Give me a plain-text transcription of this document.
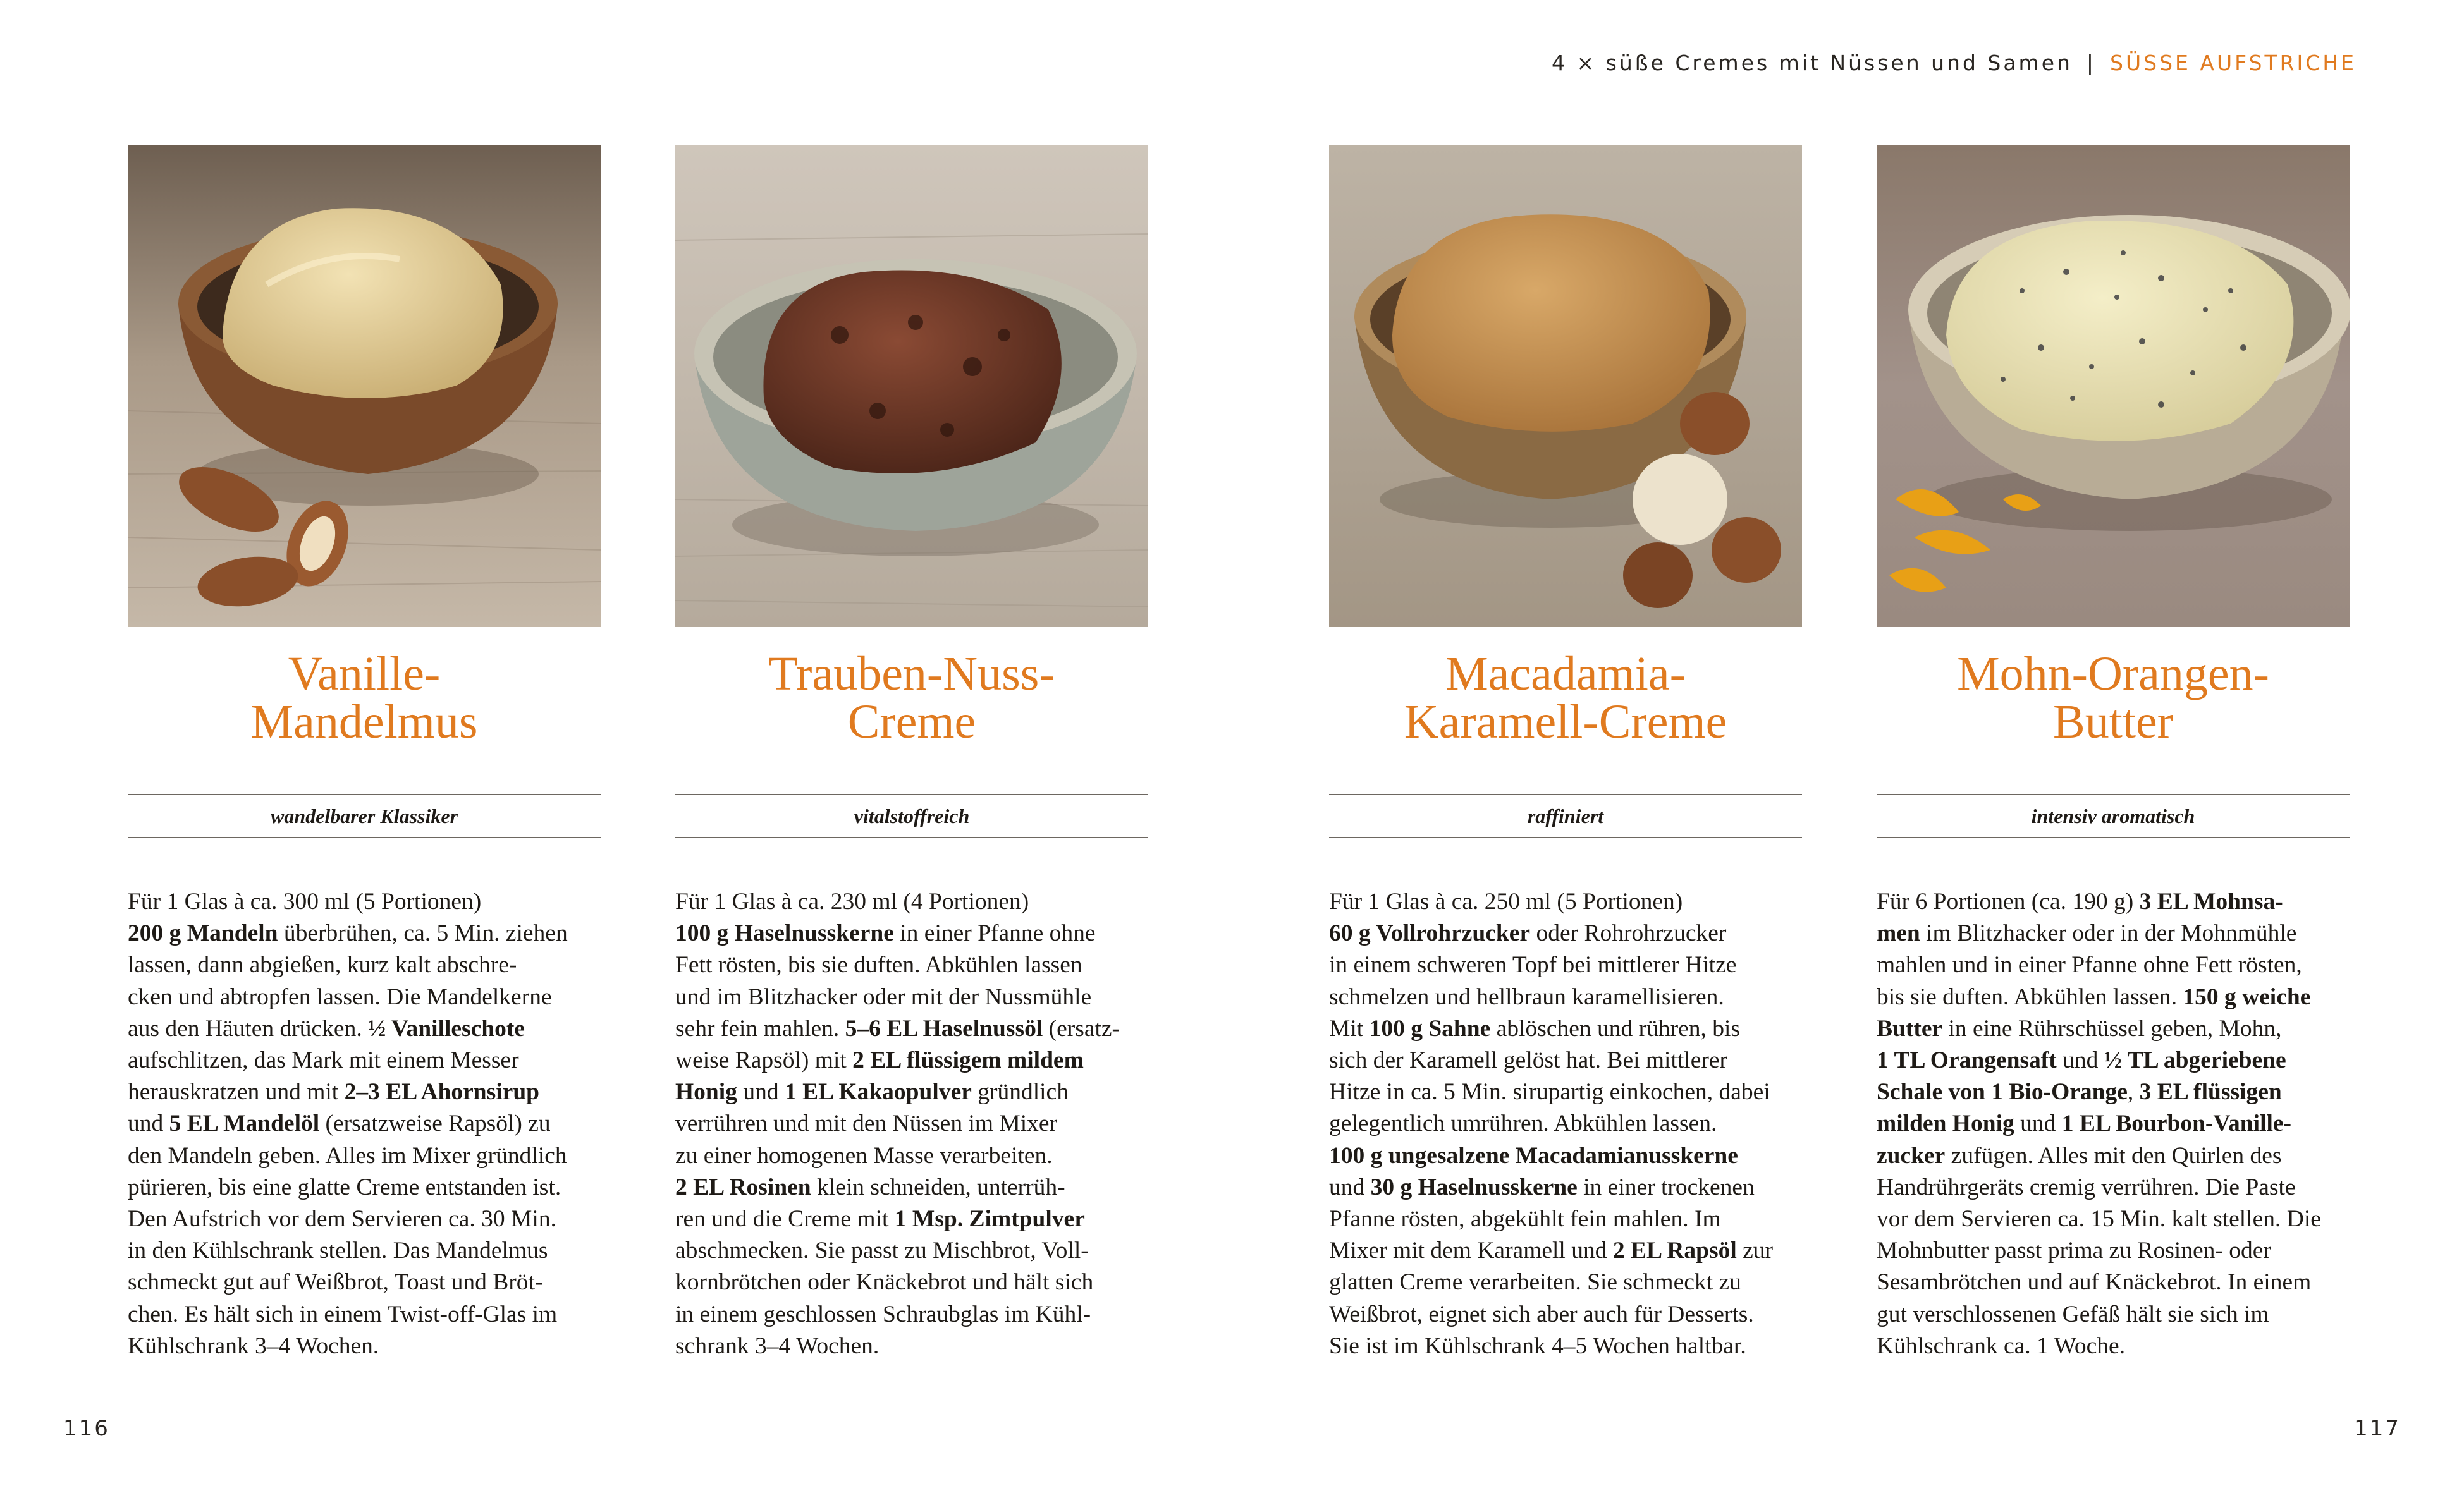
4 × süße Cremes mit Nüssen und Samen | SÜSSE AUFSTRICHE
Vanille-
Mandelmus
wandelbarer Klassiker
Für 1 Glas à ca. 300 ml (5 Portionen)
200 g Mandeln überbrühen, ca. 5 Min. ziehen
lassen, dann abgießen, kurz kalt abschre-
cken und abtropfen lassen. Die Mandelkerne
aus den Häuten drücken. ½ Vanilleschote
aufschlitzen, das Mark mit einem Messer
herauskratzen und mit 2–3 EL Ahornsirup
und 5 EL Mandelöl (ersatzweise Rapsöl) zu
den Mandeln geben. Alles im Mixer gründlich
pürieren, bis eine glatte Creme entstanden ist.
Den Aufstrich vor dem Servieren ca. 30 Min.
in den Kühlschrank stellen. Das Mandelmus
schmeckt gut auf Weißbrot, Toast und Bröt-
chen. Es hält sich in einem Twist-off-Glas im
Kühlschrank 3–4 Wochen.
Trauben-Nuss-
Creme
vitalstoffreich
Für 1 Glas à ca. 230 ml (4 Portionen)
100 g Haselnusskerne in einer Pfanne ohne
Fett rösten, bis sie duften. Abkühlen lassen
und im Blitzhacker oder mit der Nussmühle
sehr fein mahlen. 5–6 EL Haselnussöl (ersatz-
weise Rapsöl) mit 2 EL flüssigem mildem
Honig und 1 EL Kakaopulver gründlich
verrühren und mit den Nüssen im Mixer
zu einer homogenen Masse verarbeiten.
2 EL Rosinen klein schneiden, unterrüh-
ren und die Creme mit 1 Msp. Zimtpulver
abschmecken. Sie passt zu Mischbrot, Voll-
kornbrötchen oder Knäckebrot und hält sich
in einem geschlossen Schraubglas im Kühl-
schrank 3–4 Wochen.
Macadamia-
Karamell-Creme
raffiniert
Für 1 Glas à ca. 250 ml (5 Portionen)
60 g Vollrohrzucker oder Rohrohrzucker
in einem schweren Topf bei mittlerer Hitze
schmelzen und hellbraun karamellisieren.
Mit 100 g Sahne ablöschen und rühren, bis
sich der Karamell gelöst hat. Bei mittlerer
Hitze in ca. 5 Min. sirupartig einkochen, dabei
gelegentlich umrühren. Abkühlen lassen.
100 g ungesalzene Macadamianusskerne
und 30 g Haselnusskerne in einer trockenen
Pfanne rösten, abgekühlt fein mahlen. Im
Mixer mit dem Karamell und 2 EL Rapsöl zur
glatten Creme verarbeiten. Sie schmeckt zu
Weißbrot, eignet sich aber auch für Desserts.
Sie ist im Kühlschrank 4–5 Wochen haltbar.
Mohn-Orangen-
Butter
intensiv aromatisch
Für 6 Portionen (ca. 190 g) 3 EL Mohnsa-
men im Blitzhacker oder in der Mohnmühle
mahlen und in einer Pfanne ohne Fett rösten,
bis sie duften. Abkühlen lassen. 150 g weiche
Butter in eine Rührschüssel geben, Mohn,
1 TL Orangensaft und ½ TL abgeriebene
Schale von 1 Bio-Orange, 3 EL flüssigen
milden Honig und 1 EL Bourbon-Vanille-
zucker zufügen. Alles mit den Quirlen des
Handrührgeräts cremig verrühren. Die Paste
vor dem Servieren ca. 15 Min. kalt stellen. Die
Mohnbutter passt prima zu Rosinen- oder
Sesambrötchen und auf Knäckebrot. In einem
gut verschlossenen Gefäß hält sie sich im
Kühlschrank ca. 1 Woche.
116	117
